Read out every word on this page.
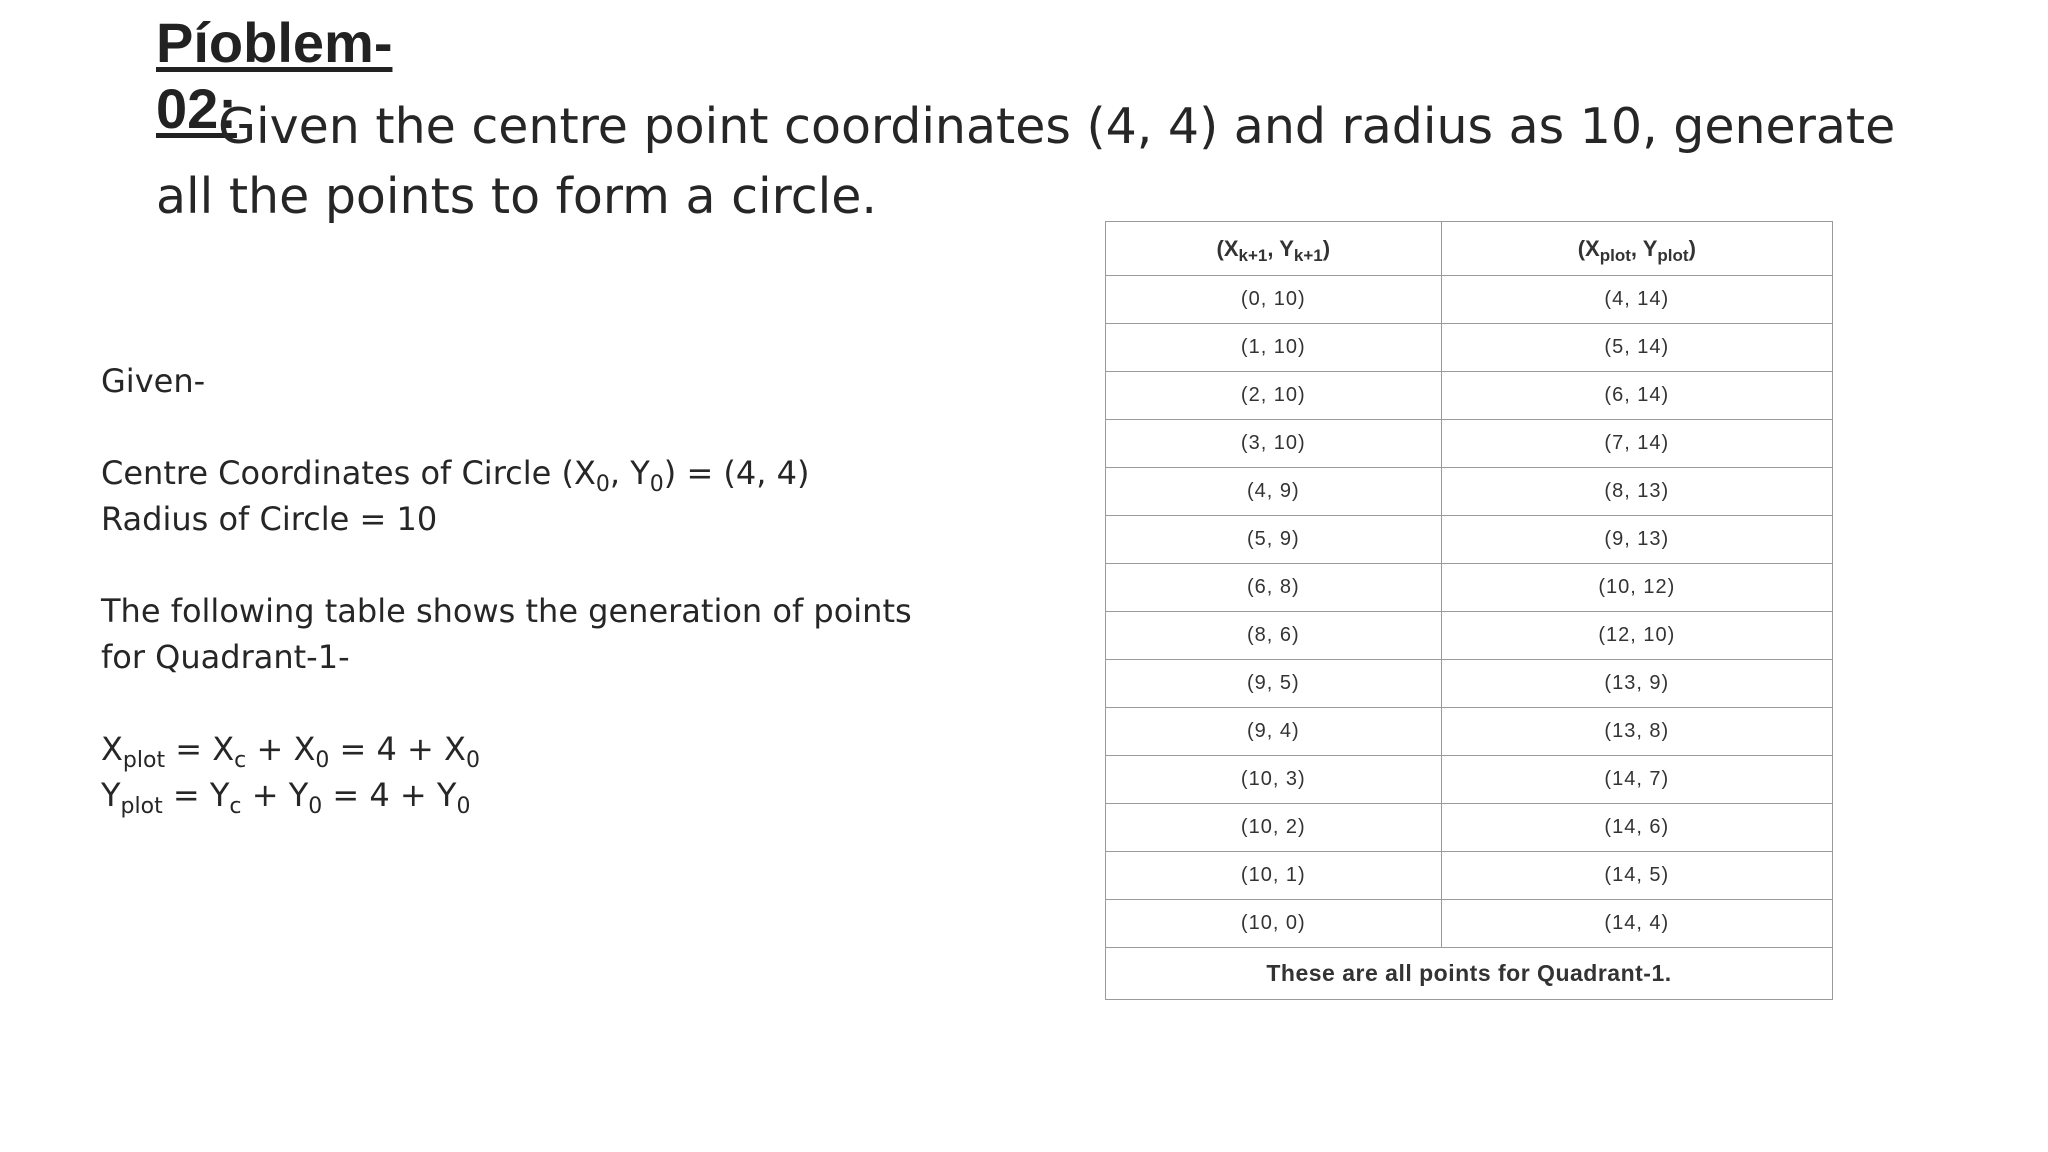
Píoblem-02:

Given the centre point coordinates (4, 4) and radius as 10, generate all the points to form a circle.

Given-

Centre Coordinates of Circle ($X_0$, $Y_0) = (4$, 4)

Radius of Circle = 10

The following table shows the generation of points

for Quadrant-1-

$X_{plot} = X_c + X_0 = 4 + X_0$

$Y_{plot} = Y_c + Y_0 = 4 + Y_0$

($X_{k+1}$, $Y_{k+1}$)	($X_{plot}$, $Y_{plot}$)
(0, 10)	(4, 14)
(1, 10)	(5, 14)
(2, 10)	(6, 14)
(3, 10)	(7, 14)
(4, 9)	(8, 13)
(5, 9)	(9, 13)
(6, 8)	(10, 12)
(8, 6)	(12, 10)
(9, 5)	(13, 9)
(9, 4)	(13, 8)
(10, 3)	(14, 7)
(10, 2)	(14, 6)
(10, 1)	(14, 5)
(10, 0)	(14, 4)
These are all points for Quadrant-1.	
